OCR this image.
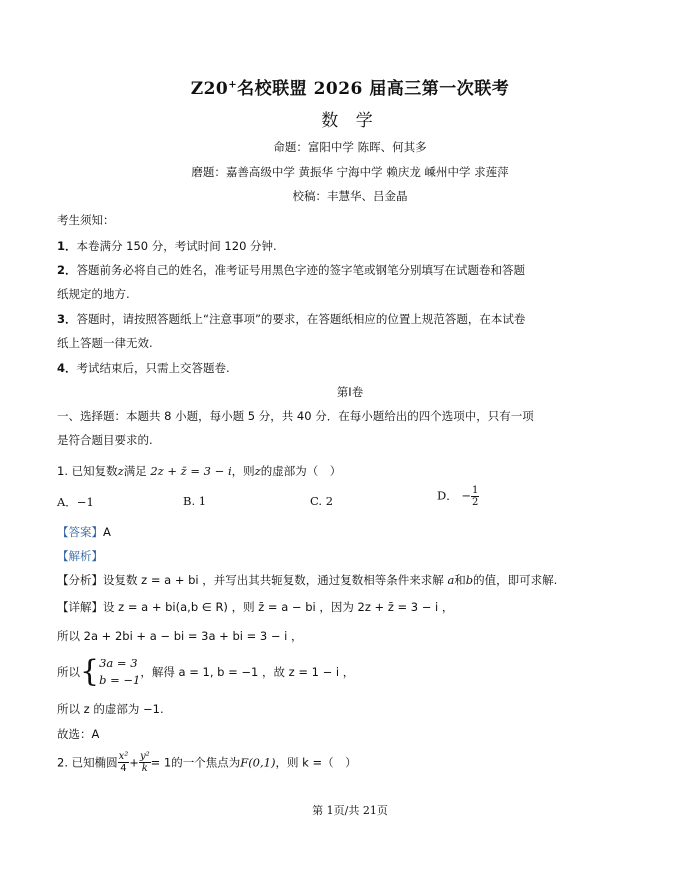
Z20+名校联盟 2026 届高三第一次联考
数 学
命题：富阳中学 陈晖、何其多
磨题：嘉善高级中学 黄振华 宁海中学 赖庆龙 嵊州中学 求莲萍
校稿：丰慧华、吕金晶
考生须知：
1．本卷满分 150 分，考试时间 120 分钟.
2．答题前务必将自己的姓名，准考证号用黑色字迹的签字笔或钢笔分别填写在试题卷和答题
纸规定的地方.
3．答题时，请按照答题纸上“注意事项”的要求，在答题纸相应的位置上规范答题，在本试卷
纸上答题一律无效.
4．考试结束后，只需上交答题卷.
第Ⅰ卷
一、选择题：本题共 8 小题，每小题 5 分，共 40 分．在每小题给出的四个选项中，只有一项
是符合题目要求的.
1. 已知复数z满足 2z + z̄ = 3 − i，则z的虚部为（　）
A．−1	B. 1	C. 2	D． − $\frac{1}{2}$
【答案】A
【解析】
【分析】设复数 z = a + bi ，并写出其共轭复数，通过复数相等条件来求解 a和b的值，即可求解.
【详解】设 z = a + bi(a,b ∈ R) ，则 z̄ = a − bi ，因为 2z + z̄ = 3 − i ，
所以 2a + 2bi + a − bi = 3a + bi = 3 − i ，
所以{ 3a = 3
b = −1
，解得 a = 1, b = −1 ，故 z = 1 − i ，
所以 z 的虚部为 −1.
故选：A
2. 已知椭圆 $\frac{\text{x²}}{4} + \frac{\text{y²}}{k} = 1$的一个焦点为F(0,1)，则 k =（　）
第 1页/共 21页
